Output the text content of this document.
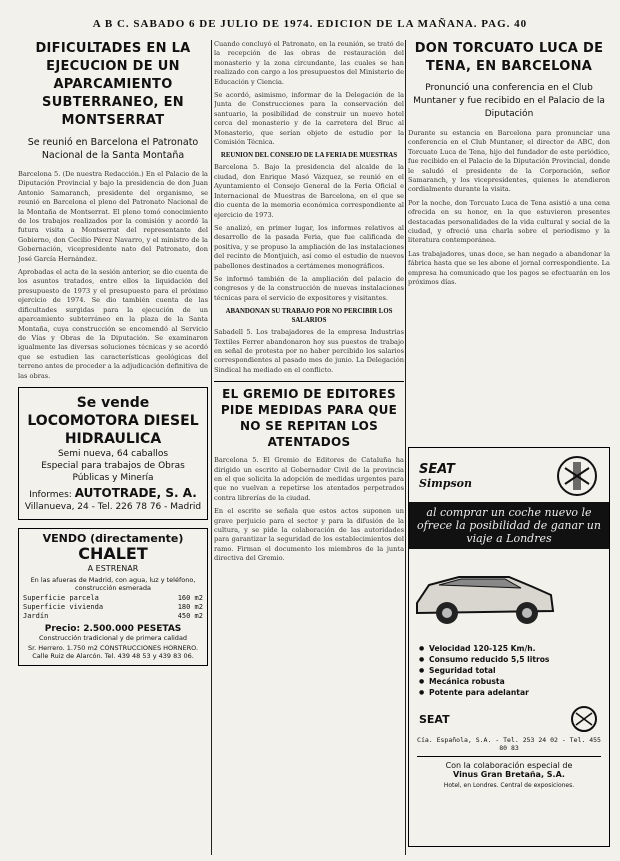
A B C. SABADO 6 DE JULIO DE 1974. EDICION DE LA MAÑANA. PAG. 40
DIFICULTADES EN LA EJECUCION DE UN APARCAMIENTO SUBTERRANEO, EN MONTSERRAT
Se reunió en Barcelona el Patronato Nacional de la Santa Montaña

Barcelona 5. (De nuestra Redacción.) En el Palacio de la Diputación Provincial y bajo la presidencia de don Juan Antonio Samaranch, presidente del organismo, se reunió en Barcelona el pleno del Patronato Nacional de la Montaña de Montserrat. El pleno tomó conocimiento de los trabajos realizados por la comisión y acordó la futura visita a Montserrat del representante del Gobierno, don Cecilio Pérez Navarro, y el ministro de la Gobernación, vicepresidente nato del Patronato, don José García Hernández.

Aprobadas el acta de la sesión anterior, se dio cuenta de los asuntos tratados, entre ellos la liquidación del presupuesto de 1973 y el presupuesto para el próximo ejercicio de 1974. Se dio también cuenta de las dificultades surgidas para la ejecución de un aparcamiento subterráneo en la plaza de la Santa Montaña, cuya construcción se encomendó al Servicio de Vías y Obras de la Diputación. Se examinaron igualmente las diversas soluciones técnicas y se acordó que se estudien las características geológicas del terreno antes de proceder a la adjudicación definitiva de las obras.

Se vende
LOCOMOTORA DIESEL
HIDRAULICA
Semi nueva, 64 caballos
Especial para trabajos de Obras Públicas y Minería
Informes: AUTOTRADE, S. A.
Villanueva, 24 - Tel. 226 78 76 - Madrid
VENDO (directamente)
CHALET
A ESTRENAR
En las afueras de Madrid, con agua, luz y teléfono, construcción esmerada
Superficie parcela	160 m2
Superficie vivienda	180 m2
Jardín	450 m2
Precio: 2.500.000 PESETAS
Construcción tradicional y de primera calidad
Sr. Herrero. 1.750 m2 CONSTRUCCIONES HORNERO. Calle Ruiz de Alarcón. Tel. 439 48 53 y 439 83 06.

Cuando concluyó el Patronato, en la reunión, se trató de la recepción de las obras de restauración del monasterio y la zona circundante, las cuales se han realizado con cargo a los presupuestos del Ministerio de Educación y Ciencia.

Se acordó, asimismo, informar de la Delegación de la Junta de Construcciones para la conservación del santuario, la posibilidad de construir un nuevo hotel cerca del monasterio y de la carretera del Bruc al Monasterio, que serían objeto de estudio por la Comisión Técnica.

REUNION DEL CONSEJO DE LA FERIA DE MUESTRAS

Barcelona 5. Bajo la presidencia del alcalde de la ciudad, don Enrique Masó Vázquez, se reunió en el Ayuntamiento el Consejo General de la Feria Oficial e Internacional de Muestras de Barcelona, en el que se dio cuenta de la memoria económica correspondiente al ejercicio de 1973.

Se analizó, en primer lugar, los informes relativos al desarrollo de la pasada Feria, que fue calificada de positiva, y se propuso la ampliación de las instalaciones del recinto de Montjuich, así como el estudio de nuevos pabellones destinados a certámenes monográficos.

Se informó también de la ampliación del palacio de congresos y de la construcción de nuevas instalaciones técnicas para el servicio de expositores y visitantes.

ABANDONAN SU TRABAJO POR NO PERCIBIR LOS SALARIOS

Sabadell 5. Los trabajadores de la empresa Industrias Textiles Ferrer abandonaron hoy sus puestos de trabajo en señal de protesta por no haber percibido los salarios correspondientes al pasado mes de junio. La Delegación Sindical ha mediado en el conflicto.

EL GREMIO DE EDITORES PIDE MEDIDAS PARA QUE NO SE REPITAN LOS ATENTADOS

Barcelona 5. El Gremio de Editores de Cataluña ha dirigido un escrito al Gobernador Civil de la provincia en el que solicita la adopción de medidas urgentes para que no vuelvan a repetirse los atentados perpetrados contra librerías de la ciudad.

En el escrito se señala que estos actos suponen un grave perjuicio para el sector y para la difusión de la cultura, y se pide la colaboración de las autoridades para garantizar la seguridad de los establecimientos del ramo. Firman el documento los miembros de la junta directiva del Gremio.

DON TORCUATO LUCA DE TENA, EN BARCELONA
Pronunció una conferencia en el Club Muntaner y fue recibido en el Palacio de la Diputación

Durante su estancia en Barcelona para pronunciar una conferencia en el Club Muntaner, el director de ABC, don Torcuato Luca de Tena, hijo del fundador de este periódico, fue recibido en el Palacio de la Diputación Provincial, donde le saludó el presidente de la Corporación, señor Samaranch, y los vicepresidentes, quienes le atendieron cordialmente durante la visita.

Por la noche, don Torcuato Luca de Tena asistió a una cena ofrecida en su honor, en la que estuvieron presentes destacadas personalidades de la vida cultural y social de la ciudad, y ofreció una charla sobre el periodismo y la literatura contemporánea.

Las trabajadores, unas doce, se han negado a abandonar la fábrica hasta que se les abone el jornal correspondiente. La empresa ha comunicado que los pagos se efectuarán en los próximos días.

SEAT
Simpson
al comprar un coche nuevo le ofrece la posibilidad de ganar un viaje a Londres
● Velocidad 120-125 Km/h.
● Consumo reducido 5,5 litros
● Seguridad total
● Mecánica robusta
● Potente para adelantar
SEAT
Cía. Española, S.A. - Tel. 253 24 02 - Tel. 455 80 83
Con la colaboración especial de
Vinus Gran Bretaña, S.A.
Hotel, en Londres. Central de exposiciones.
